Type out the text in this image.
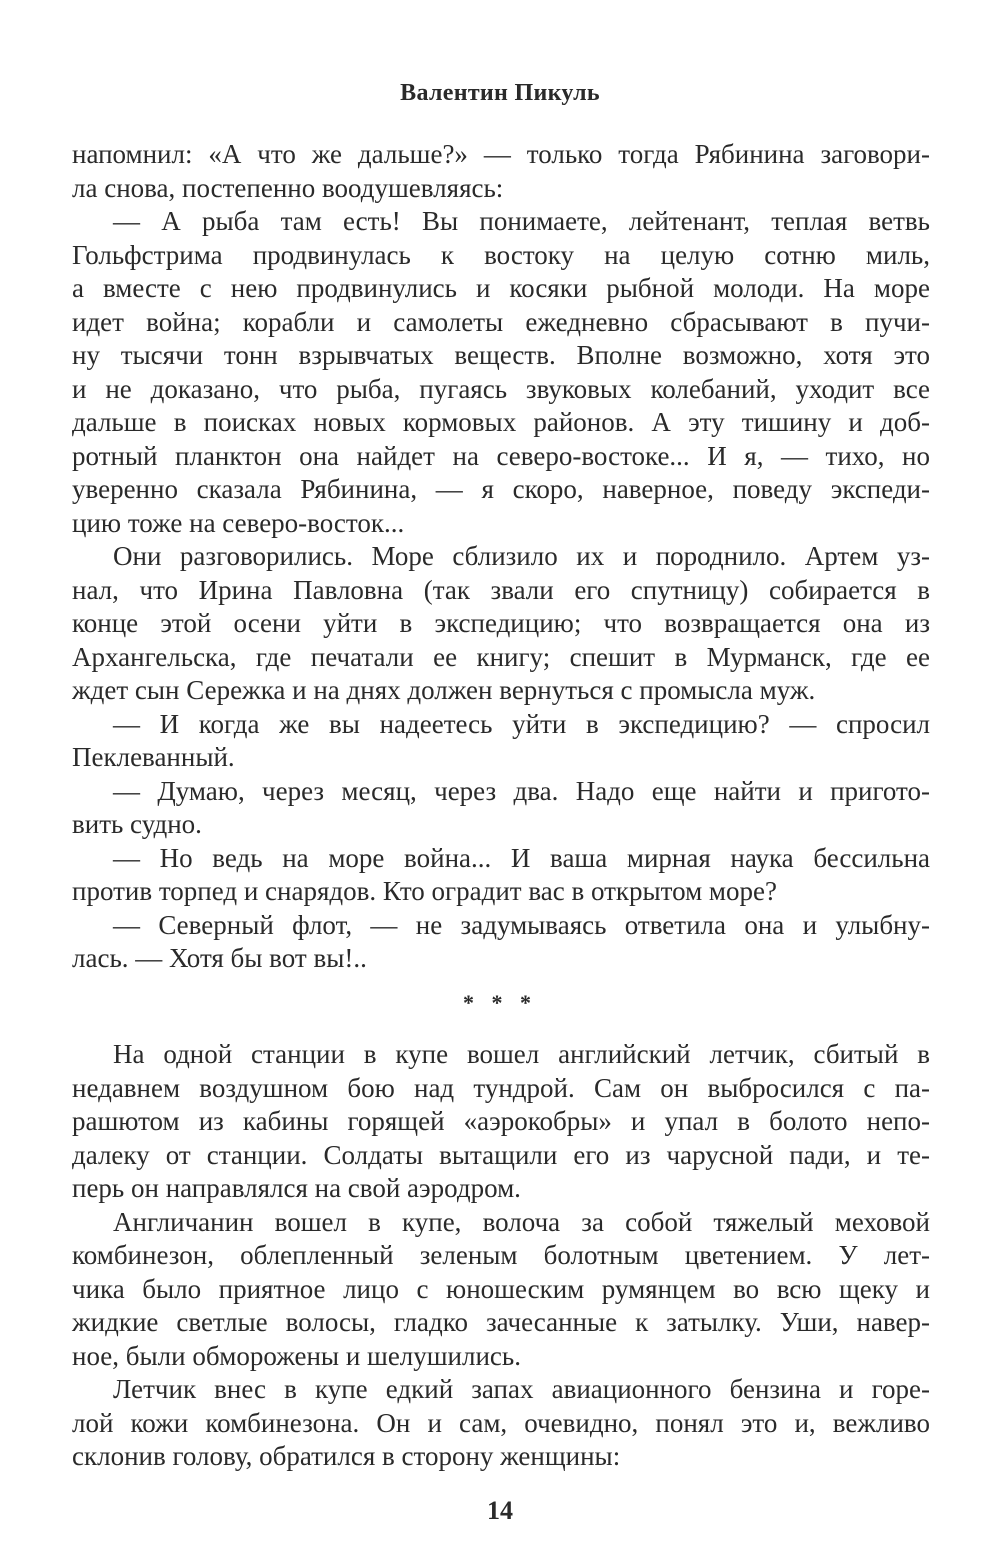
Валентин Пикуль
напомнил: «А что же дальше?» — только тогда Рябинина заговори-
ла снова, постепенно воодушевляясь:
— А рыба там есть! Вы понимаете, лейтенант, теплая ветвь
Гольфстрима продвинулась к востоку на целую сотню миль,
а вместе с нею продвинулись и косяки рыбной молоди. На море
идет война; корабли и самолеты ежедневно сбрасывают в пучи-
ну тысячи тонн взрывчатых веществ. Вполне возможно, хотя это
и не доказано, что рыба, пугаясь звуковых колебаний, уходит все
дальше в поисках новых кормовых районов. А эту тишину и доб-
ротный планктон она найдет на северо-востоке... И я, — тихо, но
уверенно сказала Рябинина, — я скоро, наверное, поведу экспеди-
цию тоже на северо-восток...
Они разговорились. Море сблизило их и породнило. Артем уз-
нал, что Ирина Павловна (так звали его спутницу) собирается в
конце этой осени уйти в экспедицию; что возвращается она из
Архангельска, где печатали ее книгу; спешит в Мурманск, где ее
ждет сын Сережка и на днях должен вернуться с промысла муж.
— И когда же вы надеетесь уйти в экспедицию? — спросил
Пеклеванный.
— Думаю, через месяц, через два. Надо еще найти и пригото-
вить судно.
— Но ведь на море война... И ваша мирная наука бессильна
против торпед и снарядов. Кто оградит вас в открытом море?
— Северный флот, — не задумываясь ответила она и улыбну-
лась. — Хотя бы вот вы!..
* * *
На одной станции в купе вошел английский летчик, сбитый в
недавнем воздушном бою над тундрой. Сам он выбросился с па-
рашютом из кабины горящей «аэрокобры» и упал в болото непо-
далеку от станции. Солдаты вытащили его из чарусной пади, и те-
перь он направлялся на свой аэродром.
Англичанин вошел в купе, волоча за собой тяжелый меховой
комбинезон, облепленный зеленым болотным цветением. У лет-
чика было приятное лицо с юношеским румянцем во всю щеку и
жидкие светлые волосы, гладко зачесанные к затылку. Уши, навер-
ное, были обморожены и шелушились.
Летчик внес в купе едкий запах авиационного бензина и горе-
лой кожи комбинезона. Он и сам, очевидно, понял это и, вежливо
склонив голову, обратился в сторону женщины:
14
